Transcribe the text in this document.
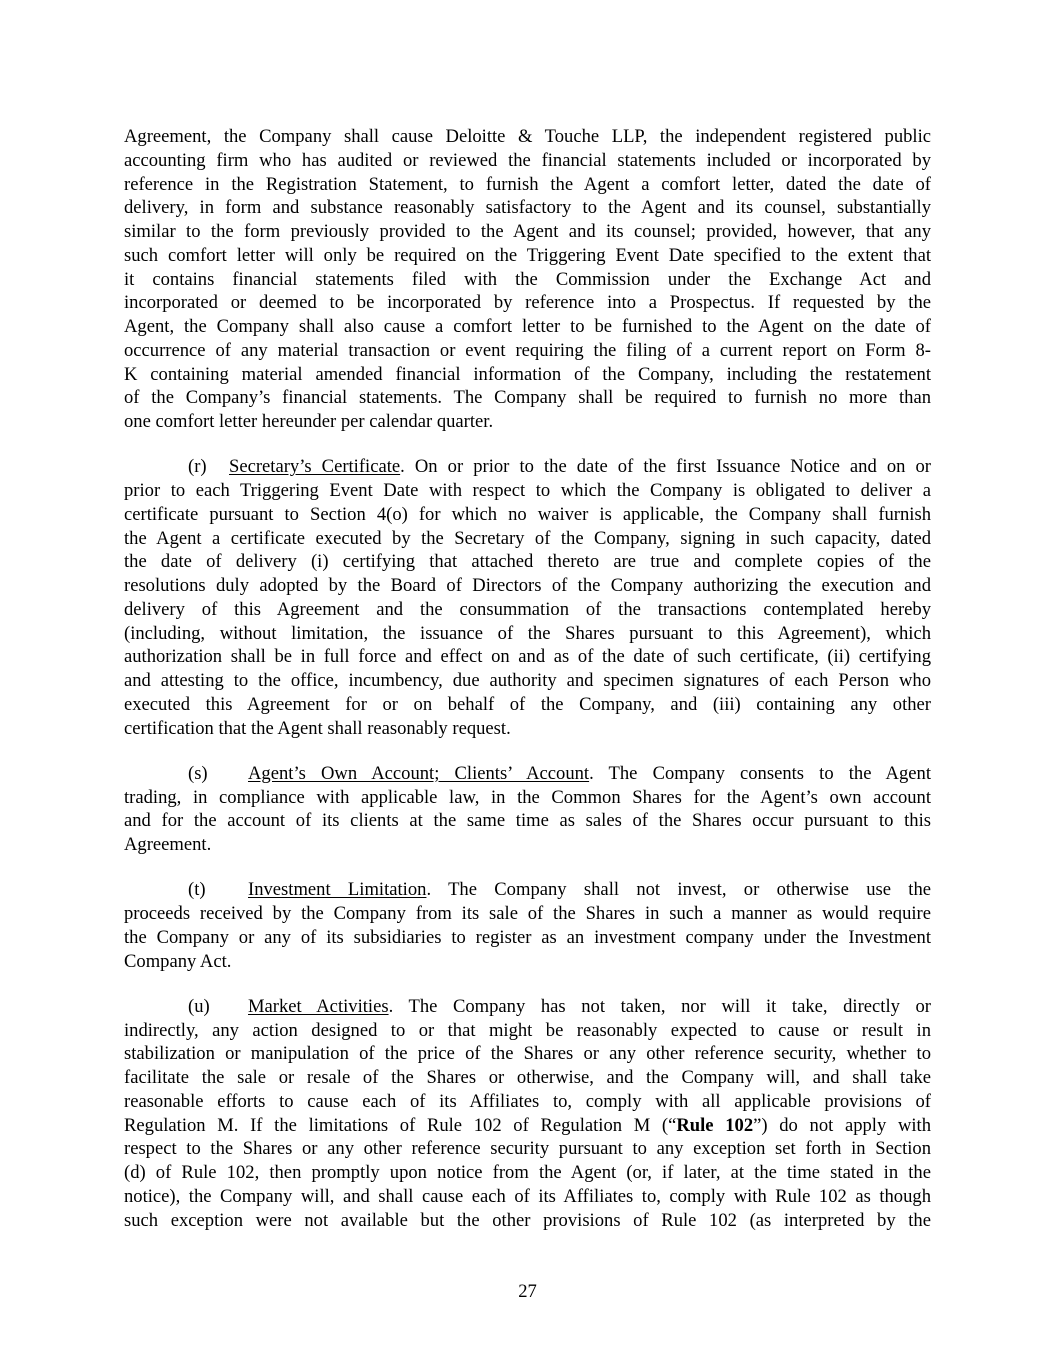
Agreement, the Company shall cause Deloitte & Touche LLP, the independent registered public
accounting firm who has audited or reviewed the financial statements included or incorporated by
reference in the Registration Statement, to furnish the Agent a comfort letter, dated the date of
delivery, in form and substance reasonably satisfactory to the Agent and its counsel, substantially
similar to the form previously provided to the Agent and its counsel; provided, however, that any
such comfort letter will only be required on the Triggering Event Date specified to the extent that
it contains financial statements filed with the Commission under the Exchange Act and
incorporated or deemed to be incorporated by reference into a Prospectus. If requested by the
Agent, the Company shall also cause a comfort letter to be furnished to the Agent on the date of
occurrence of any material transaction or event requiring the filing of a current report on Form 8-
K containing material amended financial information of the Company, including the restatement
of the Company’s financial statements. The Company shall be required to furnish no more than
one comfort letter hereunder per calendar quarter.
(r) Secretary’s Certificate. On or prior to the date of the first Issuance Notice and on or
prior to each Triggering Event Date with respect to which the Company is obligated to deliver a
certificate pursuant to Section 4(o) for which no waiver is applicable, the Company shall furnish
the Agent a certificate executed by the Secretary of the Company, signing in such capacity, dated
the date of delivery (i) certifying that attached thereto are true and complete copies of the
resolutions duly adopted by the Board of Directors of the Company authorizing the execution and
delivery of this Agreement and the consummation of the transactions contemplated hereby
(including, without limitation, the issuance of the Shares pursuant to this Agreement), which
authorization shall be in full force and effect on and as of the date of such certificate, (ii) certifying
and attesting to the office, incumbency, due authority and specimen signatures of each Person who
executed this Agreement for or on behalf of the Company, and (iii) containing any other
certification that the Agent shall reasonably request.
(s) Agent’s Own Account; Clients’ Account. The Company consents to the Agent
trading, in compliance with applicable law, in the Common Shares for the Agent’s own account
and for the account of its clients at the same time as sales of the Shares occur pursuant to this
Agreement.
(t) Investment Limitation. The Company shall not invest, or otherwise use the
proceeds received by the Company from its sale of the Shares in such a manner as would require
the Company or any of its subsidiaries to register as an investment company under the Investment
Company Act.
(u) Market Activities. The Company has not taken, nor will it take, directly or
indirectly, any action designed to or that might be reasonably expected to cause or result in
stabilization or manipulation of the price of the Shares or any other reference security, whether to
facilitate the sale or resale of the Shares or otherwise, and the Company will, and shall take
reasonable efforts to cause each of its Affiliates to, comply with all applicable provisions of
Regulation M. If the limitations of Rule 102 of Regulation M (“Rule 102”) do not apply with
respect to the Shares or any other reference security pursuant to any exception set forth in Section
(d) of Rule 102, then promptly upon notice from the Agent (or, if later, at the time stated in the
notice), the Company will, and shall cause each of its Affiliates to, comply with Rule 102 as though
such exception were not available but the other provisions of Rule 102 (as interpreted by the
27
